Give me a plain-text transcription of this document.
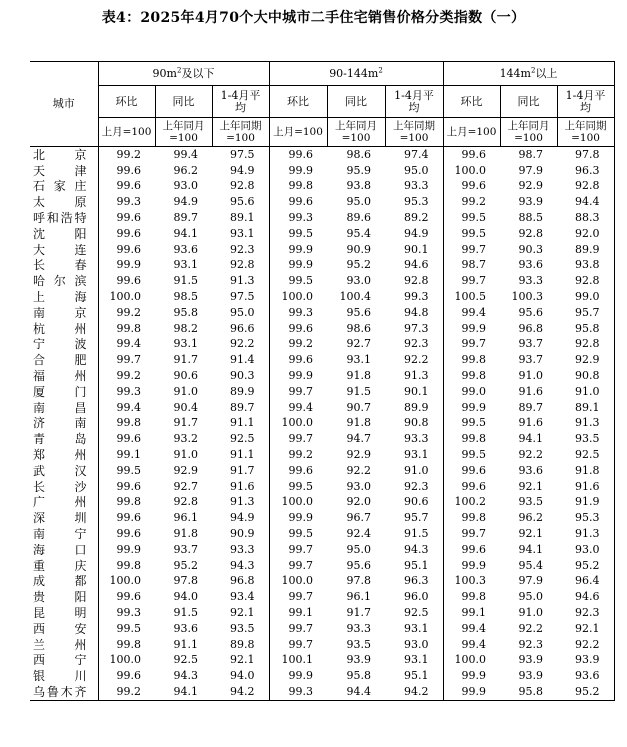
表4：2025年4月70个大中城市二手住宅销售价格分类指数（一）
城市	$90m^2$及以下			$90-144m^2$			$144m^2$以上		
	环比	同比	1-4月平均	环比	同比	1-4月平均	环比	同比	1-4月平均
	上月=100	上年同月=100	上年同期=100	上月=100	上年同月=100	上年同期=100	上月=100	上年同月=100	上年同期=100
北　京	99.2	99.4	97.5	99.6	98.6	97.4	99.6	98.7	97.8
天　津	99.6	96.2	94.9	99.9	95.9	95.0	100.0	97.9	96.3
石家庄	99.6	93.0	92.8	99.8	93.8	93.3	99.6	92.9	92.8
太　原	99.3	94.9	95.6	99.6	95.0	95.3	99.2	93.9	94.4
呼和浩特	99.6	89.7	89.1	99.3	89.6	89.2	99.5	88.5	88.3
沈　阳	99.6	94.1	93.1	99.5	95.4	94.9	99.5	92.8	92.0
大　连	99.6	93.6	92.3	99.9	90.9	90.1	99.7	90.3	89.9
长　春	99.9	93.1	92.8	99.9	95.2	94.6	98.7	93.6	93.8
哈尔滨	99.6	91.5	91.3	99.5	93.0	92.8	99.7	93.3	92.8
上　海	100.0	98.5	97.5	100.0	100.4	99.3	100.5	100.3	99.0
南　京	99.2	95.8	95.0	99.3	95.6	94.8	99.4	95.6	95.7
杭　州	99.8	98.2	96.6	99.6	98.6	97.3	99.9	96.8	95.8
宁　波	99.4	93.1	92.2	99.2	92.7	92.3	99.7	93.7	92.8
合　肥	99.7	91.7	91.4	99.6	93.1	92.2	99.8	93.7	92.9
福　州	99.2	90.6	90.3	99.9	91.8	91.3	99.8	91.0	90.8
厦　门	99.3	91.0	89.9	99.7	91.5	90.1	99.0	91.6	91.0
南　昌	99.4	90.4	89.7	99.4	90.7	89.9	99.9	89.7	89.1
济　南	99.8	91.7	91.1	100.0	91.8	90.8	99.5	91.6	91.3
青　岛	99.6	93.2	92.5	99.7	94.7	93.3	99.8	94.1	93.5
郑　州	99.1	91.0	91.1	99.2	92.9	93.1	99.5	92.2	92.5
武　汉	99.5	92.9	91.7	99.6	92.2	91.0	99.6	93.6	91.8
长　沙	99.6	92.7	91.6	99.5	93.0	92.3	99.6	92.1	91.6
广　州	99.8	92.8	91.3	100.0	92.0	90.6	100.2	93.5	91.9
深　圳	99.6	96.1	94.9	99.9	96.7	95.7	99.8	96.2	95.3
南　宁	99.6	91.8	90.9	99.5	92.4	91.5	99.7	92.1	91.3
海　口	99.9	93.7	93.3	99.7	95.0	94.3	99.6	94.1	93.0
重　庆	99.8	95.2	94.3	99.7	95.6	95.1	99.9	95.4	95.2
成　都	100.0	97.8	96.8	100.0	97.8	96.3	100.3	97.9	96.4
贵　阳	99.6	94.0	93.4	99.7	96.1	96.0	99.8	95.0	94.6
昆　明	99.3	91.5	92.1	99.1	91.7	92.5	99.1	91.0	92.3
西　安	99.5	93.6	93.5	99.7	93.3	93.1	99.4	92.2	92.1
兰　州	99.8	91.1	89.8	99.7	93.5	93.0	99.4	92.3	92.2
西　宁	100.0	92.5	92.1	100.1	93.9	93.1	100.0	93.9	93.9
银　川	99.6	94.3	94.0	99.9	95.8	95.1	99.9	93.9	93.6
乌鲁木齐	99.2	94.1	94.2	99.3	94.4	94.2	99.9	95.8	95.2
